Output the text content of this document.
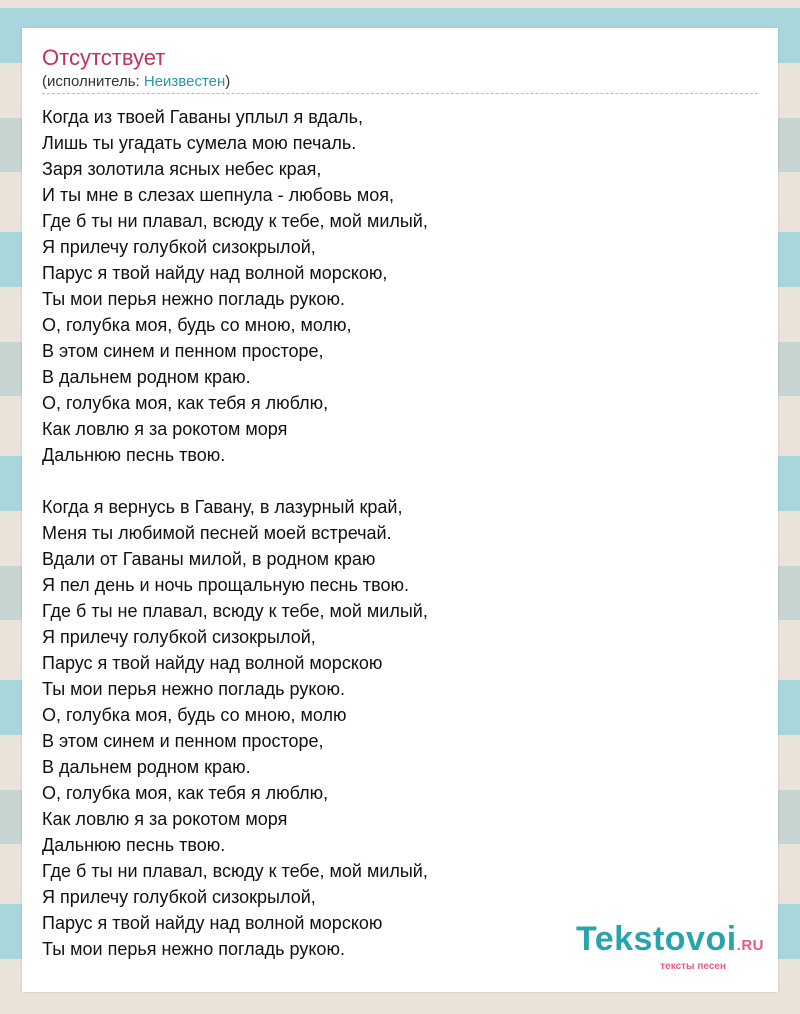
Отсутствует
(исполнитель: Неизвестен)
Когда из твоей Гаваны уплыл я вдаль,
Лишь ты угадать сумела мою печаль.
Заря золотила ясных небес края,
И ты мне в слезах шепнула - любовь моя,
Где б ты ни плавал, всюду к тебе, мой милый,
Я прилечу голубкой сизокрылой,
Парус я твой найду над волной морскою,
Ты мои перья нежно погладь рукою.
О, голубка моя, будь со мною, молю,
В этом синем и пенном просторе,
В дальнем родном краю.
О, голубка моя, как тебя я люблю,
Как ловлю я за рокотом моря
Дальнюю песнь твою.
Когда я вернусь в Гавану, в лазурный край,
Меня ты любимой песней моей встречай.
Вдали от Гаваны милой, в родном краю
Я пел день и ночь прощальную песнь твою.
Где б ты не плавал, всюду к тебе, мой милый,
Я прилечу голубкой сизокрылой,
Парус я твой найду над волной морскою
Ты мои перья нежно погладь рукою.
О, голубка моя, будь со мною, молю
В этом синем и пенном просторе,
В дальнем родном краю.
О, голубка моя, как тебя я люблю,
Как ловлю я за рокотом моря
Дальнюю песнь твою.
Где б ты ни плавал, всюду к тебе, мой милый,
Я прилечу голубкой сизокрылой,
Парус я твой найду над волной морскою
Ты мои перья нежно погладь рукою.	Tekstovoi.RU
тексты песен
